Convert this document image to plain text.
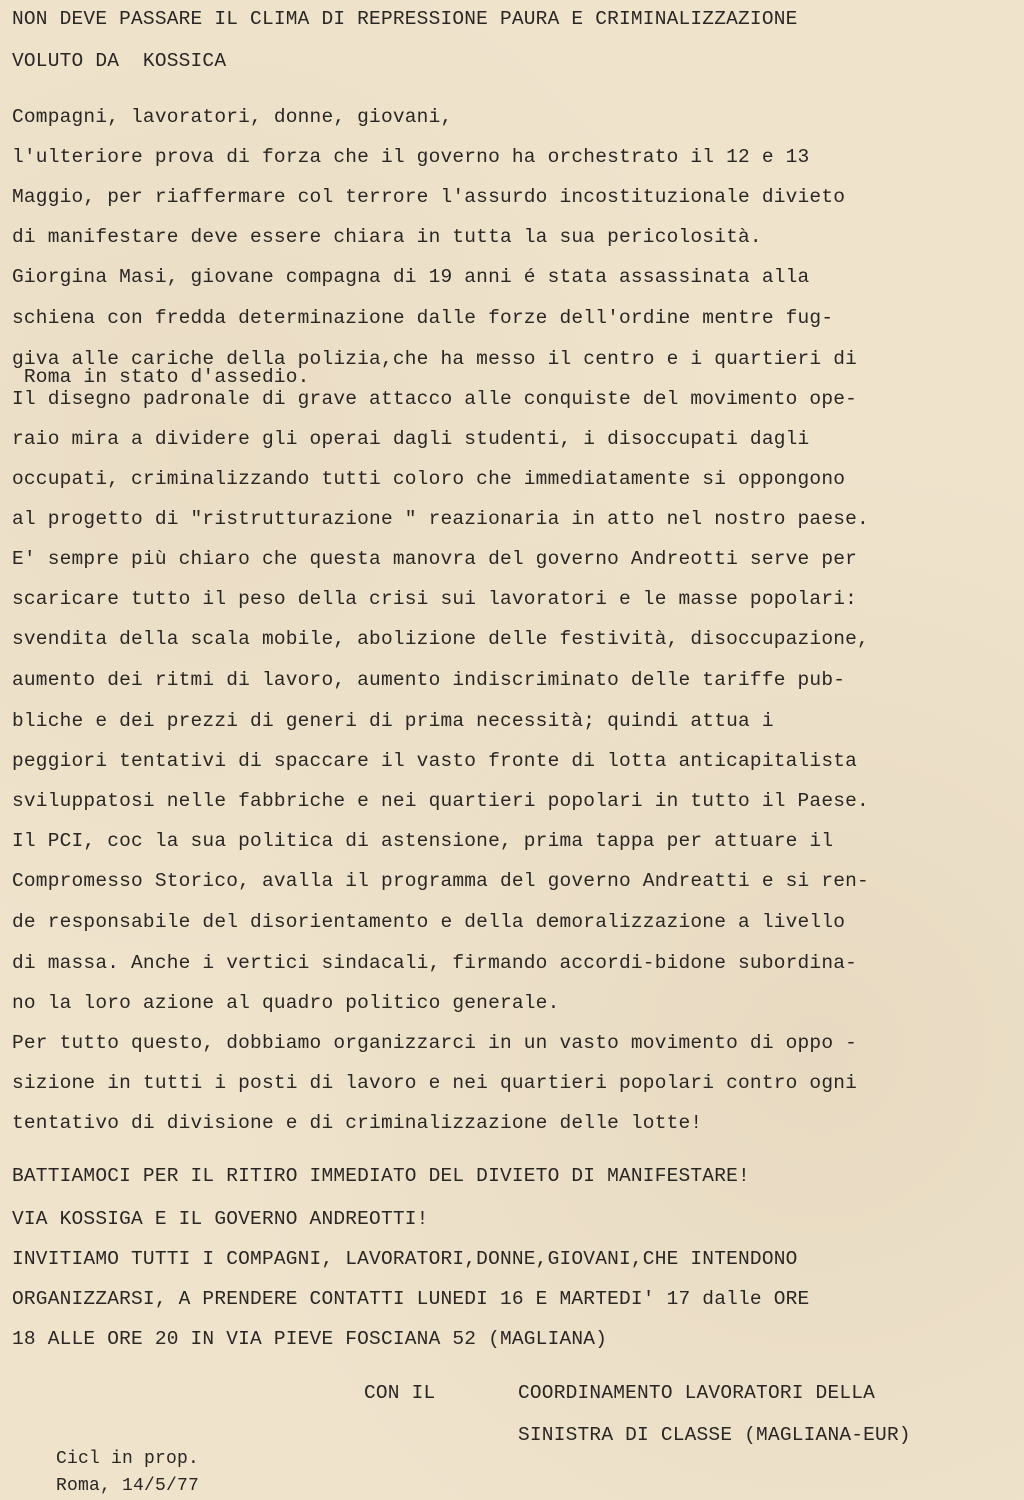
NON DEVE PASSARE IL CLIMA DI REPRESSIONE PAURA E CRIMINALIZZAZIONE
VOLUTO DA  KOSSICA
Compagni, lavoratori, donne, giovani,
l'ulteriore prova di forza che il governo ha orchestrato il 12 e 13
Maggio, per riaffermare col terrore l'assurdo incostituzionale divieto
di manifestare deve essere chiara in tutta la sua pericolosità.
Giorgina Masi, giovane compagna di 19 anni é stata assassinata alla
schiena con fredda determinazione dalle forze dell'ordine mentre fug-
giva alle cariche della polizia,che ha messo il centro e i quartieri di
Roma in stato d'assedio.
Il disegno padronale di grave attacco alle conquiste del movimento ope-
raio mira a dividere gli operai dagli studenti, i disoccupati dagli
occupati, criminalizzando tutti coloro che immediatamente si oppongono
al progetto di "ristrutturazione " reazionaria in atto nel nostro paese.
E' sempre più chiaro che questa manovra del governo Andreotti serve per
scaricare tutto il peso della crisi sui lavoratori e le masse popolari:
svendita della scala mobile, abolizione delle festività, disoccupazione,
aumento dei ritmi di lavoro, aumento indiscriminato delle tariffe pub-
bliche e dei prezzi di generi di prima necessità; quindi attua i
peggiori tentativi di spaccare il vasto fronte di lotta anticapitalista
sviluppatosi nelle fabbriche e nei quartieri popolari in tutto il Paese.
Il PCI, coc la sua politica di astensione, prima tappa per attuare il
Compromesso Storico, avalla il programma del governo Andreatti e si ren-
de responsabile del disorientamento e della demoralizzazione a livello
di massa. Anche i vertici sindacali, firmando accordi-bidone subordina-
no la loro azione al quadro politico generale.
Per tutto questo, dobbiamo organizzarci in un vasto movimento di oppo -
sizione in tutti i posti di lavoro e nei quartieri popolari contro ogni
tentativo di divisione e di criminalizzazione delle lotte!
BATTIAMOCI PER IL RITIRO IMMEDIATO DEL DIVIETO DI MANIFESTARE!
VIA KOSSIGA E IL GOVERNO ANDREOTTI!
INVITIAMO TUTTI I COMPAGNI, LAVORATORI,DONNE,GIOVANI,CHE INTENDONO
ORGANIZZARSI, A PRENDERE CONTATTI LUNEDI 16 E MARTEDI' 17 dalle ORE
18 ALLE ORE 20 IN VIA PIEVE FOSCIANA 52 (MAGLIANA)
CON IL	COORDINAMENTO LAVORATORI DELLA
SINISTRA DI CLASSE (MAGLIANA-EUR)
Cicl in prop.
Roma, 14/5/77
